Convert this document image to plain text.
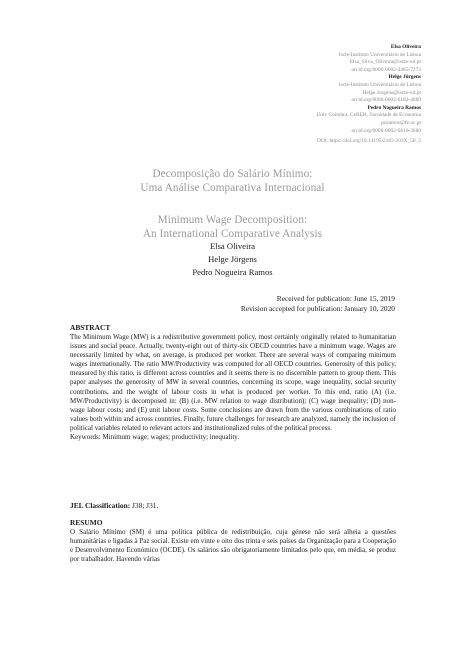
Elsa Oliveira
Iscte-Instituto Universitário de Lisboa
Elsa_Silva_Oliveira@iscte-iul.pt
orcid.org/0000-0002-4485-7273
Helge Jörgens
Iscte-Instituto Universitário de Lisboa
Helge.Jorgens@iscte-iul.pt
orcid.org/0000-0002-6182-4089
Pedro Nogueira Ramos
Univ Coimbra, CeBER, Faculdade de Economia
pnramos@fe.uc.pt
orcid.org/0000-0002-6616-3689
DOI: https://doi.org/10.14195/2183-203X_50_5
Decomposição do Salário Mínimo:
Uma Análise Comparativa Internacional
Minimum Wage Decomposition:
An International Comparative Analysis
Elsa Oliveira
Helge Jörgens
Pedro Nogueira Ramos
Received for publication: June 15, 2019
Revision accepted for publication: January 10, 2020
ABSTRACT
The Minimum Wage (MW) is a redistributive government policy, most certainly originally related to humanitarian issues and social peace. Actually, twenty-eight out of thirty-six OECD countries have a minimum wage. Wages are necessarily limited by what, on average, is produced per worker. There are several ways of comparing minimum wages internationally. The ratio MW/Productivity was computed for all OECD countries. Generosity of this policy, measured by this ratio, is different across countries and it seems there is no discernible pattern to group them. This paper analyses the generosity of MW in several countries, concerning its scope, wage inequality, social security contributions, and the weight of labour costs in what is produced per worker. To this end, ratio (A) (i.e. MW/Productivity) is decomposed in: (B) (i.e. MW relation to wage distribution); (C) wage inequality; (D) non-wage labour costs; and (E) unit labour costs. Some conclusions are drawn from the various combinations of ratio values both within and across countries. Finally, future challenges for research are analyzed, namely the inclusion of political variables related to relevant actors and institutionalized rules of the political process.
Keywords: Minimum wage; wages; productivity; inequality.
JEL Classification: J38; J31.
RESUMO
O Salário Mínimo (SM) é uma política pública de redistribuição, cuja génese não será alheia a questões humanitárias e ligadas à Paz social. Existe em vinte e oito dos trinta e seis países da Organização para a Cooperação e Desenvolvimento Económico (OCDE). Os salários são obrigatoriamente limitados pelo que, em média, se produz por trabalhador. Havendo várias
